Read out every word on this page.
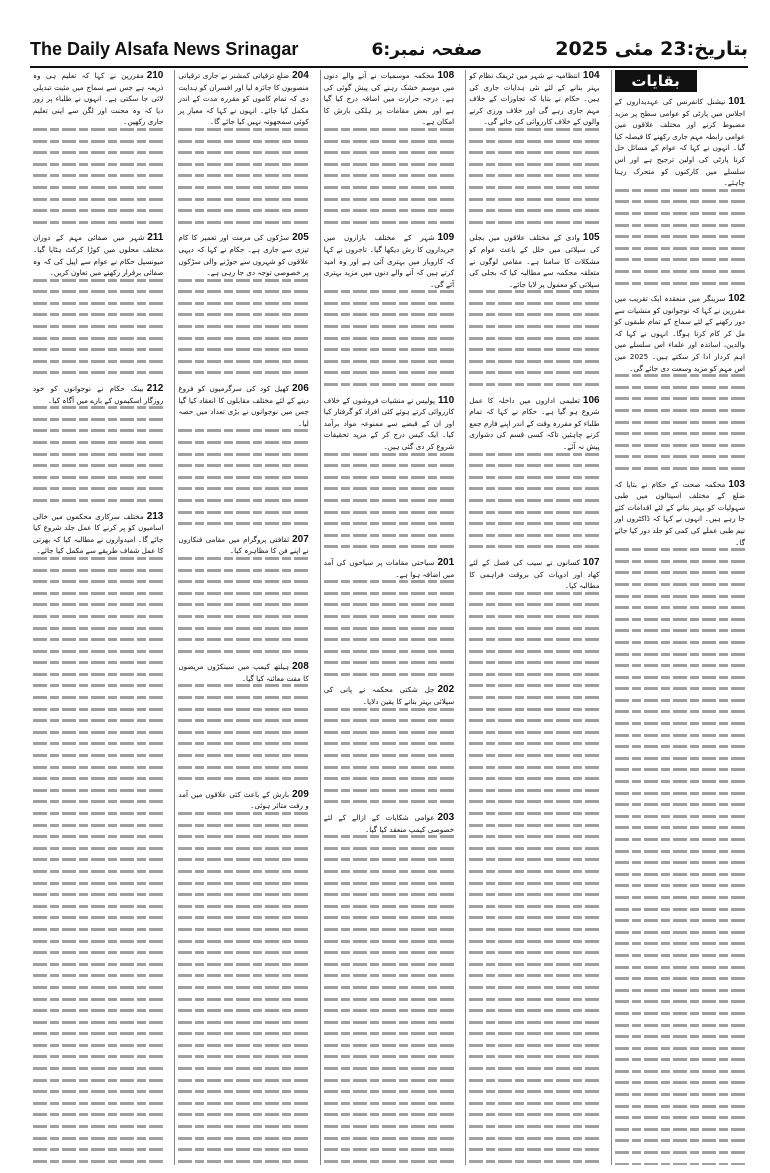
The Daily Alsafa News Srinagar	صفحہ نمبر:6	بتاریخ:23 مئی 2025
بقایات
101نیشنل کانفرنس کی عہدیداروں کے اجلاس میں پارٹی کو عوامی سطح پر مزید مضبوط کرنے اور مختلف علاقوں میں عوامی رابطہ مہم جاری رکھنے کا فیصلہ کیا گیا۔ انہوں نے کہا کہ عوام کے مسائل حل کرنا پارٹی کی اولین ترجیح ہے اور اس سلسلے میں کارکنوں کو متحرک رہنا چاہئے۔
102سرینگر میں منعقدہ ایک تقریب میں مقررین نے کہا کہ نوجوانوں کو منشیات سے دور رکھنے کے لئے سماج کے تمام طبقوں کو مل کر کام کرنا ہوگا۔ انہوں نے کہا کہ والدین، اساتذہ اور علماء اس سلسلے میں اہم کردار ادا کر سکتے ہیں۔ 2025 میں اس مہم کو مزید وسعت دی جائے گی۔
103محکمہ صحت کے حکام نے بتایا کہ ضلع کے مختلف اسپتالوں میں طبی سہولیات کو بہتر بنانے کے لئے اقدامات کئے جا رہے ہیں۔ انہوں نے کہا کہ ڈاکٹروں اور نیم طبی عملے کی کمی کو جلد دور کیا جائے گا۔
104انتظامیہ نے شہر میں ٹریفک نظام کو بہتر بنانے کے لئے نئی ہدایات جاری کی ہیں۔ حکام نے بتایا کہ تجاوزات کے خلاف مہم جاری رہے گی اور خلاف ورزی کرنے والوں کے خلاف کارروائی کی جائے گی۔
105وادی کے مختلف علاقوں میں بجلی کی سپلائی میں خلل کے باعث عوام کو مشکلات کا سامنا ہے۔ مقامی لوگوں نے متعلقہ محکمہ سے مطالبہ کیا کہ بجلی کی سپلائی کو معمول پر لایا جائے۔
106تعلیمی اداروں میں داخلہ کا عمل شروع ہو گیا ہے۔ حکام نے کہا کہ تمام طلباء کو مقررہ وقت کے اندر اپنے فارم جمع کرنے چاہئیں تاکہ کسی قسم کی دشواری پیش نہ آئے۔
107کسانوں نے سیب کی فصل کے لئے کھاد اور ادویات کی بروقت فراہمی کا مطالبہ کیا۔
108محکمہ موسمیات نے آنے والے دنوں میں موسم خشک رہنے کی پیش گوئی کی ہے۔ درجہ حرارت میں اضافہ درج کیا گیا ہے اور بعض مقامات پر ہلکی بارش کا امکان ہے۔
109شہر کے مختلف بازاروں میں خریداروں کا رش دیکھا گیا۔ تاجروں نے کہا کہ کاروبار میں بہتری آئی ہے اور وہ امید کرتے ہیں کہ آنے والے دنوں میں مزید بہتری آئے گی۔
110پولیس نے منشیات فروشوں کے خلاف کارروائی کرتے ہوئے کئی افراد کو گرفتار کیا اور ان کے قبضے سے ممنوعہ مواد برآمد کیا۔ ایک کیس درج کر کے مزید تحقیقات شروع کر دی گئی ہیں۔
201سیاحتی مقامات پر سیاحوں کی آمد میں اضافہ ہوا ہے۔
202جل شکتی محکمہ نے پانی کی سپلائی بہتر بنانے کا یقین دلایا۔
203عوامی شکایات کے ازالے کے لئے خصوصی کیمپ منعقد کیا گیا۔
204ضلع ترقیاتی کمشنر نے جاری ترقیاتی منصوبوں کا جائزہ لیا اور افسران کو ہدایت دی کہ تمام کاموں کو مقررہ مدت کے اندر مکمل کیا جائے۔ انہوں نے کہا کہ معیار پر کوئی سمجھوتہ نہیں کیا جائے گا۔
205سڑکوں کی مرمت اور تعمیر کا کام تیزی سے جاری ہے۔ حکام نے کہا کہ دیہی علاقوں کو شہروں سے جوڑنے والی سڑکوں پر خصوصی توجہ دی جا رہی ہے۔
206کھیل کود کی سرگرمیوں کو فروغ دینے کے لئے مختلف مقابلوں کا انعقاد کیا گیا جس میں نوجوانوں نے بڑی تعداد میں حصہ لیا۔
207ثقافتی پروگرام میں مقامی فنکاروں نے اپنے فن کا مظاہرہ کیا۔
208ہیلتھ کیمپ میں سینکڑوں مریضوں کا مفت معائنہ کیا گیا۔
209بارش کے باعث کئی علاقوں میں آمد و رفت متاثر ہوئی۔
210مقررین نے کہا کہ تعلیم ہی وہ ذریعہ ہے جس سے سماج میں مثبت تبدیلی لائی جا سکتی ہے۔ انہوں نے طلباء پر زور دیا کہ وہ محنت اور لگن سے اپنی تعلیم جاری رکھیں۔
211شہر میں صفائی مہم کے دوران مختلف محلوں میں کوڑا کرکٹ ہٹایا گیا۔ میونسپل حکام نے عوام سے اپیل کی کہ وہ صفائی برقرار رکھنے میں تعاون کریں۔
212بینک حکام نے نوجوانوں کو خود روزگار اسکیموں کے بارے میں آگاہ کیا۔
213مختلف سرکاری محکموں میں خالی اسامیوں کو پر کرنے کا عمل جلد شروع کیا جائے گا۔ امیدواروں نے مطالبہ کیا کہ بھرتی کا عمل شفاف طریقے سے مکمل کیا جائے۔
